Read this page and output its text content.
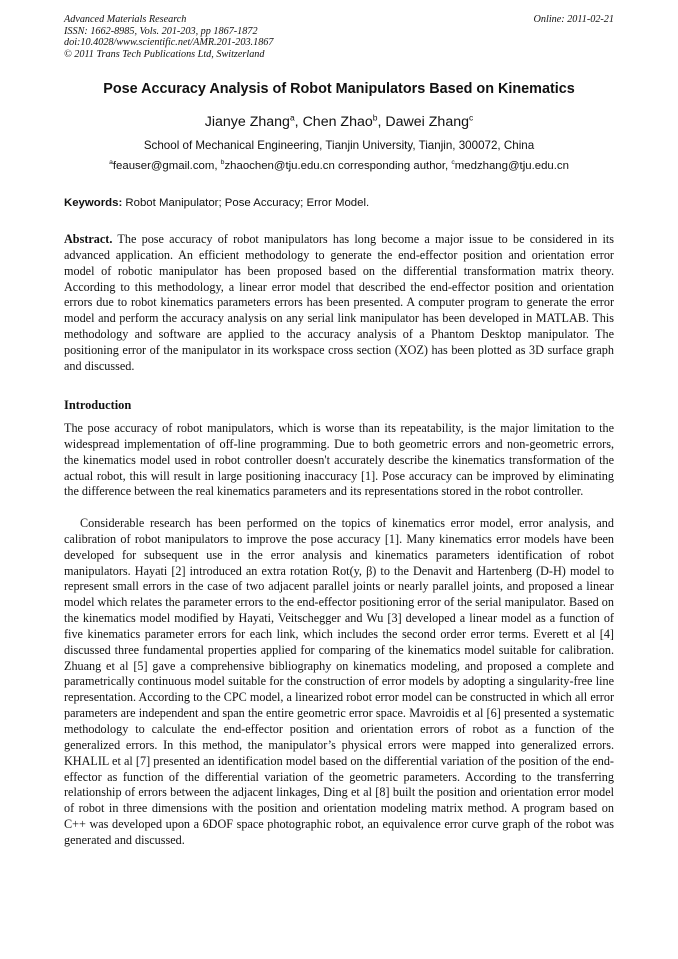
Advanced Materials Research
ISSN: 1662-8985, Vols. 201-203, pp 1867-1872
doi:10.4028/www.scientific.net/AMR.201-203.1867
© 2011 Trans Tech Publications Ltd, Switzerland
Online: 2011-02-21
Pose Accuracy Analysis of Robot Manipulators Based on Kinematics
Jianye Zhang$^a$, Chen Zhao$^b$, Dawei Zhang$^c$
School of Mechanical Engineering, Tianjin University, Tianjin, 300072, China
$^a$feauser@gmail.com, $^b$zhaochen@tju.edu.cn corresponding author, $^c$medzhang@tju.edu.cn
Keywords: Robot Manipulator; Pose Accuracy; Error Model.

Abstract. The pose accuracy of robot manipulators has long become a major issue to be considered in its advanced application. An efficient methodology to generate the end-effector position and orientation error model of robotic manipulator has been proposed based on the differential transformation matrix theory. According to this methodology, a linear error model that described the end-effector position and orientation errors due to robot kinematics parameters errors has been presented. A computer program to generate the error model and perform the accuracy analysis on any serial link manipulator has been developed in MATLAB. This methodology and software are applied to the accuracy analysis of a Phantom Desktop manipulator. The positioning error of the manipulator in its workspace cross section (XOZ) has been plotted as 3D surface graph and discussed.

Introduction

The pose accuracy of robot manipulators, which is worse than its repeatability, is the major limitation to the widespread implementation of off-line programming. Due to both geometric errors and non-geometric errors, the kinematics model used in robot controller doesn't accurately describe the kinematics transformation of the actual robot, this will result in large positioning inaccuracy [1]. Pose accuracy can be improved by eliminating the difference between the real kinematics parameters and its representations stored in the robot controller.

Considerable research has been performed on the topics of kinematics error model, error analysis, and calibration of robot manipulators to improve the pose accuracy [1]. Many kinematics error models have been developed for subsequent use in the error analysis and kinematics parameters identification of robot manipulators. Hayati [2] introduced an extra rotation Rot(y, β) to the Denavit and Hartenberg (D-H) model to represent small errors in the case of two adjacent parallel joints or nearly parallel joints, and proposed a linear model which relates the parameter errors to the end-effector positioning error of the serial manipulator. Based on the kinematics model modified by Hayati, Veitschegger and Wu [3] developed a linear model as a function of five kinematics parameter errors for each link, which includes the second order error terms. Everett et al [4] discussed three fundamental properties applied for comparing of the kinematics model suitable for calibration. Zhuang et al [5] gave a comprehensive bibliography on kinematics modeling, and proposed a complete and parametrically continuous model suitable for the construction of error models by adopting a singularity-free line representation. According to the CPC model, a linearized robot error model can be constructed in which all error parameters are independent and span the entire geometric error space. Mavroidis et al [6] presented a systematic methodology to calculate the end-effector position and orientation errors of robot as a function of the generalized errors. In this method, the manipulator’s physical errors were mapped into generalized errors. KHALIL et al [7] presented an identification model based on the differential variation of the position of the end-effector as function of the differential variation of the geometric parameters. According to the transferring relationship of errors between the adjacent linkages, Ding et al [8] built the position and orientation error model of robot in three dimensions with the position and orientation modeling matrix method. A program based on C++ was developed upon a 6DOF space photographic robot, an equivalence error curve graph of the robot was generated and discussed.
